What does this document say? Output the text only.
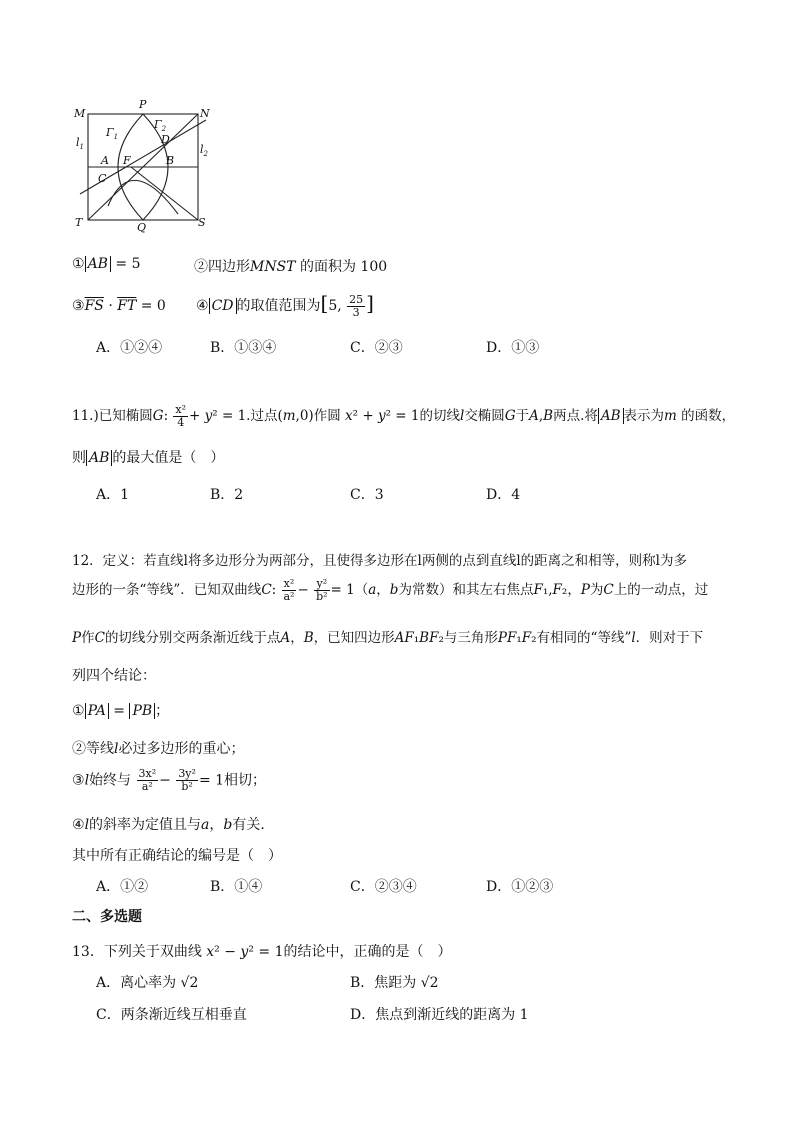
M
P
N
$\Gamma_1$
$\Gamma_2$
D
$l_1$	$l_2$
A F	B
C
T	Q	S
① AB = 5	②四边形MNST 的面积为 100
$③\overline{FS} \cdot \overline{FT} = 0$ ④ CD 的取值范围为[5, $\frac{25}{3}$ ]
A．①②④	B．①③④	C．②③	D．①③
11.)已知椭圆G: $\frac{\text{x²}}{4} + y^2 = 1$.过点(m,0)作圆 x² + y² = 1的切线l交椭圆G于A,B两点.将 AB 表示为m 的函数，
则 AB 的最大值是（　）
A．1	B．2	C．3	D．4
12．定义：若直线l将多边形分为两部分，且使得多边形在l两侧的点到直线l的距离之和相等，则称l为多
边形的一条“等线”．已知双曲线C: $\frac{\text{x²}}{\text{a²}} - \frac{\text{y²}}{\text{b²}} = 1(a$，b为常数）和其左右焦点F₁,F₂，P为C上的一动点，过
P作C的切线分别交两条渐近线于点A，B，已知四边形AF₁BF₂与三角形PF₁F₂有相同的“等线”l．则对于下
列四个结论：
① PA = PB ；
②等线l必过多边形的重心；
③l始终与 $\frac{\text{3x²}}{\text{a²}} - \frac{\text{3y²}}{\text{b²}} = 1$相切；
④l的斜率为定值且与a，b有关．
其中所有正确结论的编号是（　）
A．①②	B．①④	C．②③④	D．①②③
二、多选题
13．下列关于双曲线 x² − y² = 1的结论中，正确的是（　）
A．离心率为 √2	B．焦距为 √2
C．两条渐近线互相垂直	D．焦点到渐近线的距离为 1
